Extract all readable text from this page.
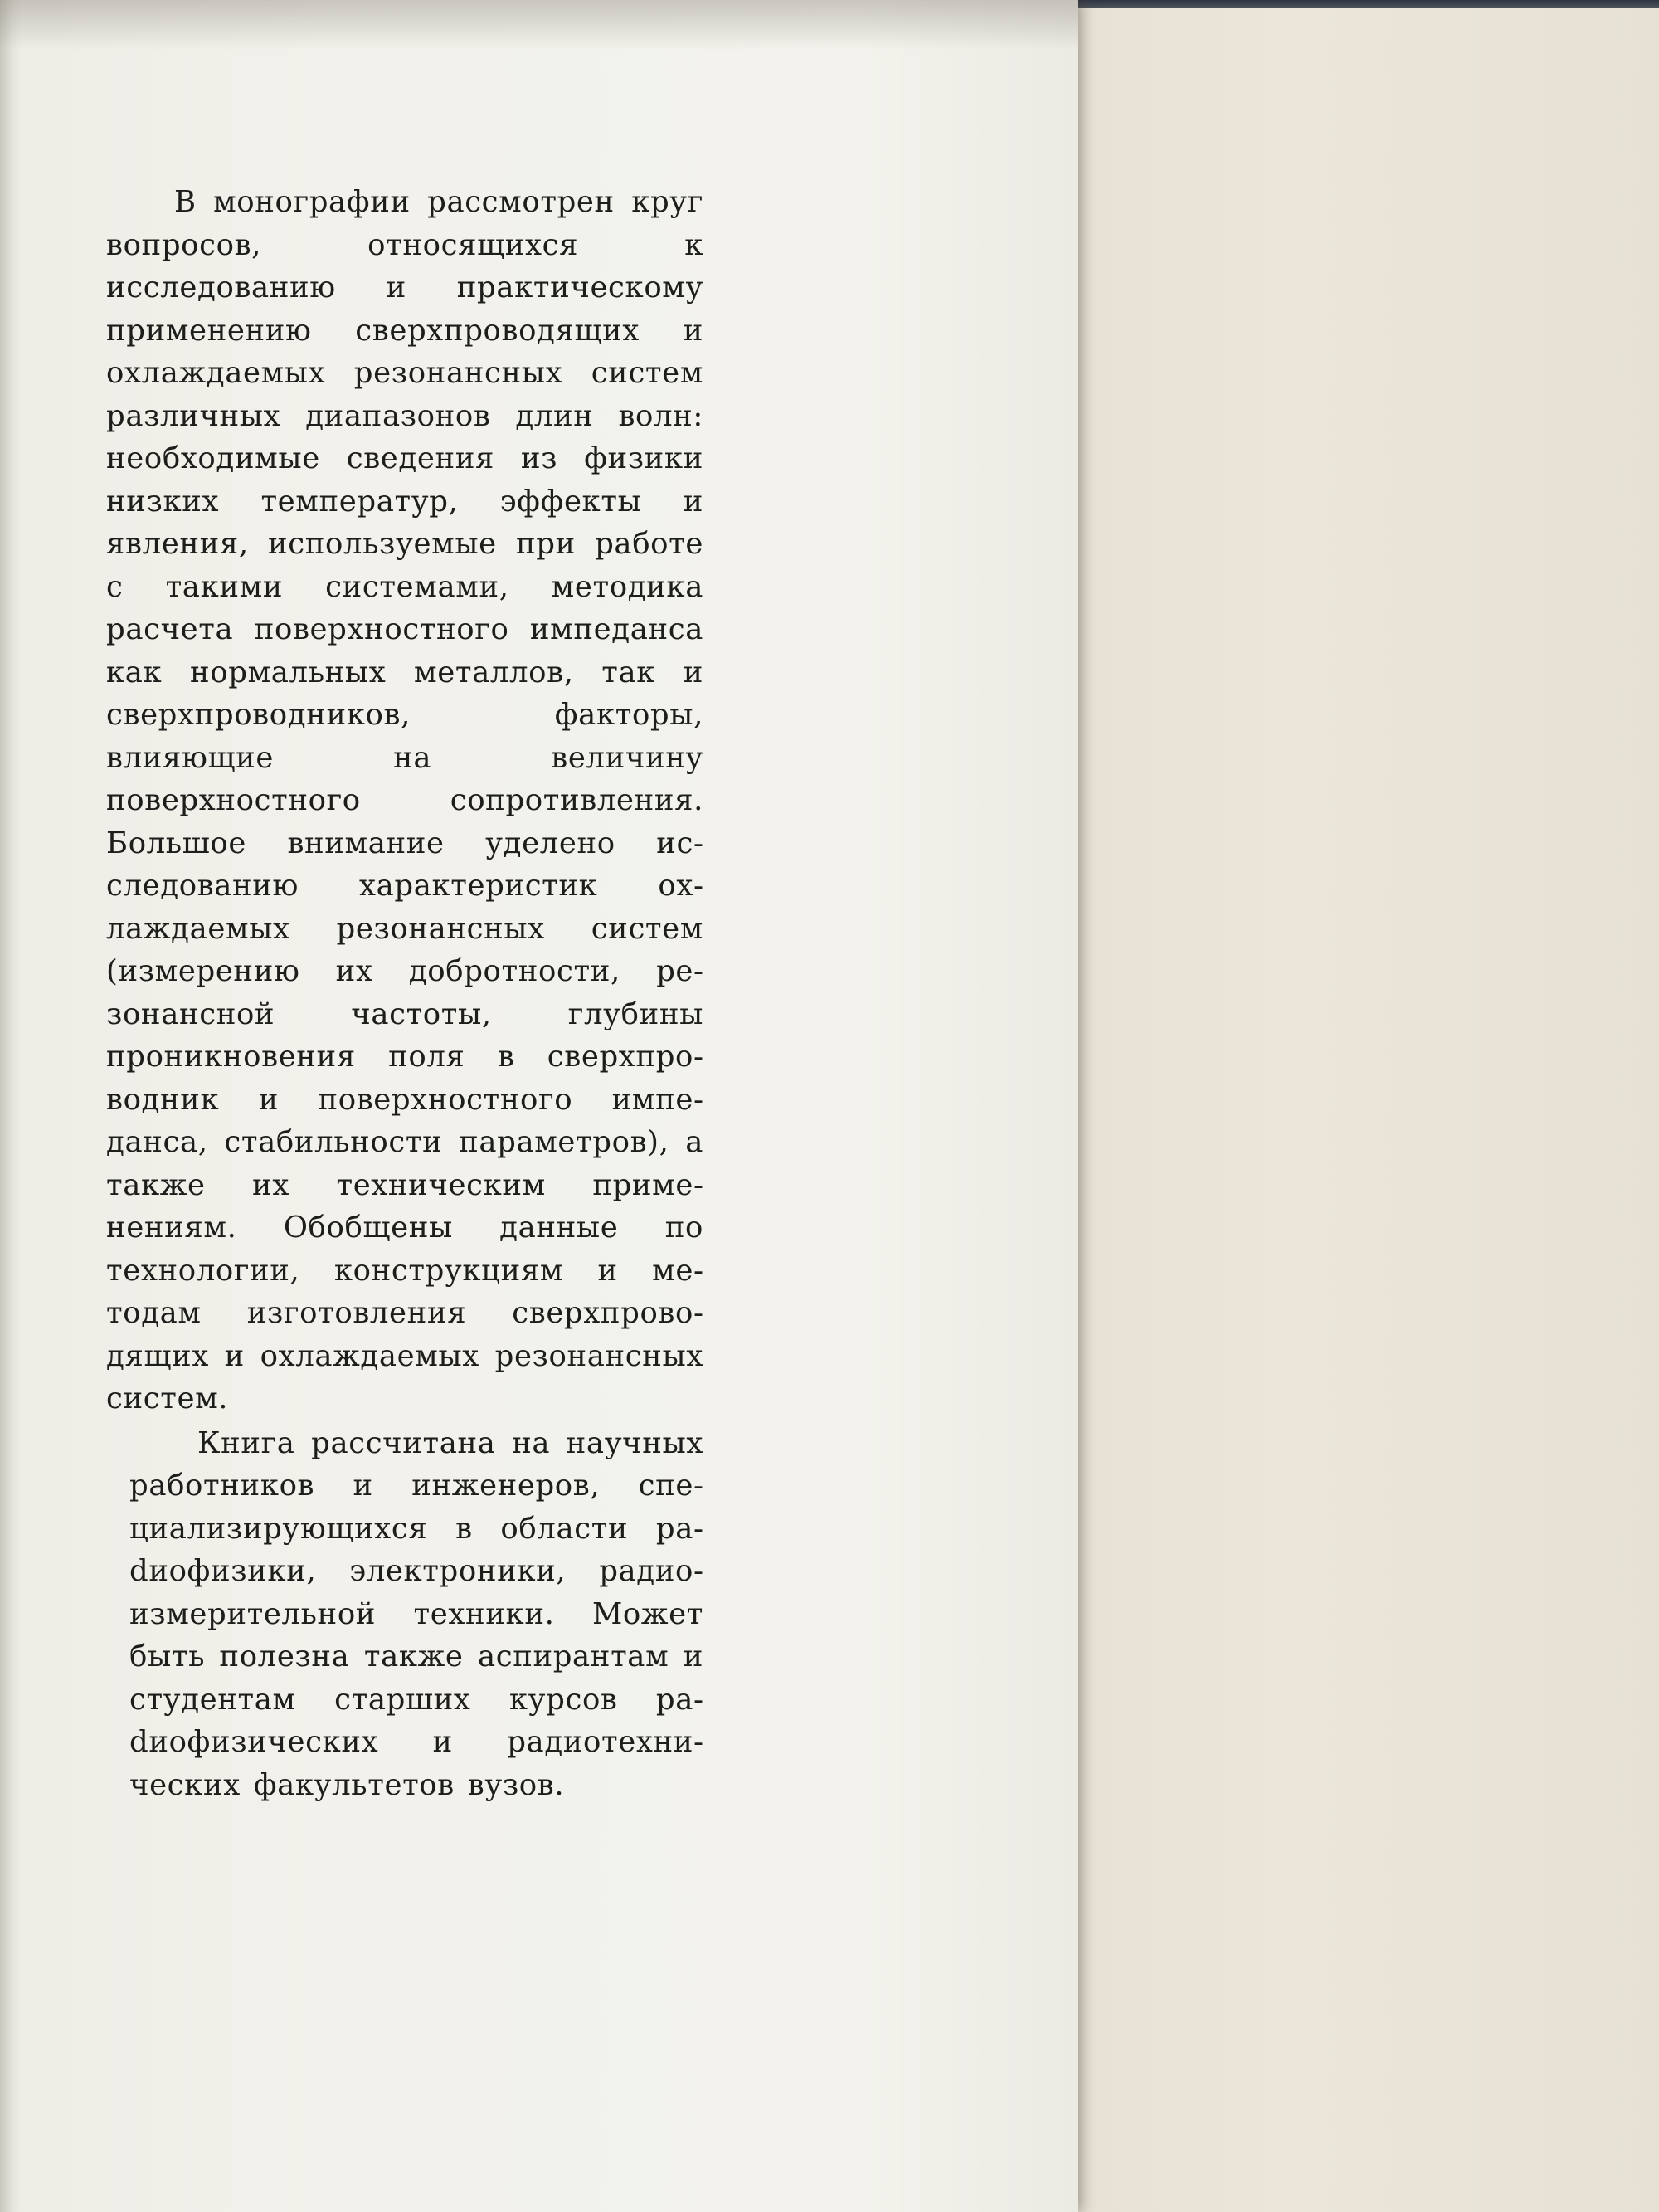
В монографии рассмотрен круг вопросов, относящихся к исследованию и практическому применению сверхпроводящих и охлаждаемых резонансных систем различных диапазонов длин волн: необходимые сведения из физики низких температур, эффекты и явления, используемые при работе с такими системами, методика расчета поверхностного импеданса как нормальных металлов, так и сверхпроводников, факторы, влияющие на величину поверхностного сопротивления. Большое внимание уделено исследованию характеристик охлаждаемых резонансных систем (измерению их добротности, резонансной частоты, глубины проникновения поля в сверхпроводник и поверхностного импеданса, стабильности параметров), а также их техническим применениям. Обобщены данные по технологии, конструкциям и методам изготовления сверхпроводящих и охлаждаемых резонансных систем.

Книга рассчитана на научных работников и инженеров, специализирующихся в области раdиофизики, электроники, радиоизмерительной техники. Может быть полезна также аспирантам и студентам старших курсов раdиофизических и радиотехнических факультетов вузов.
